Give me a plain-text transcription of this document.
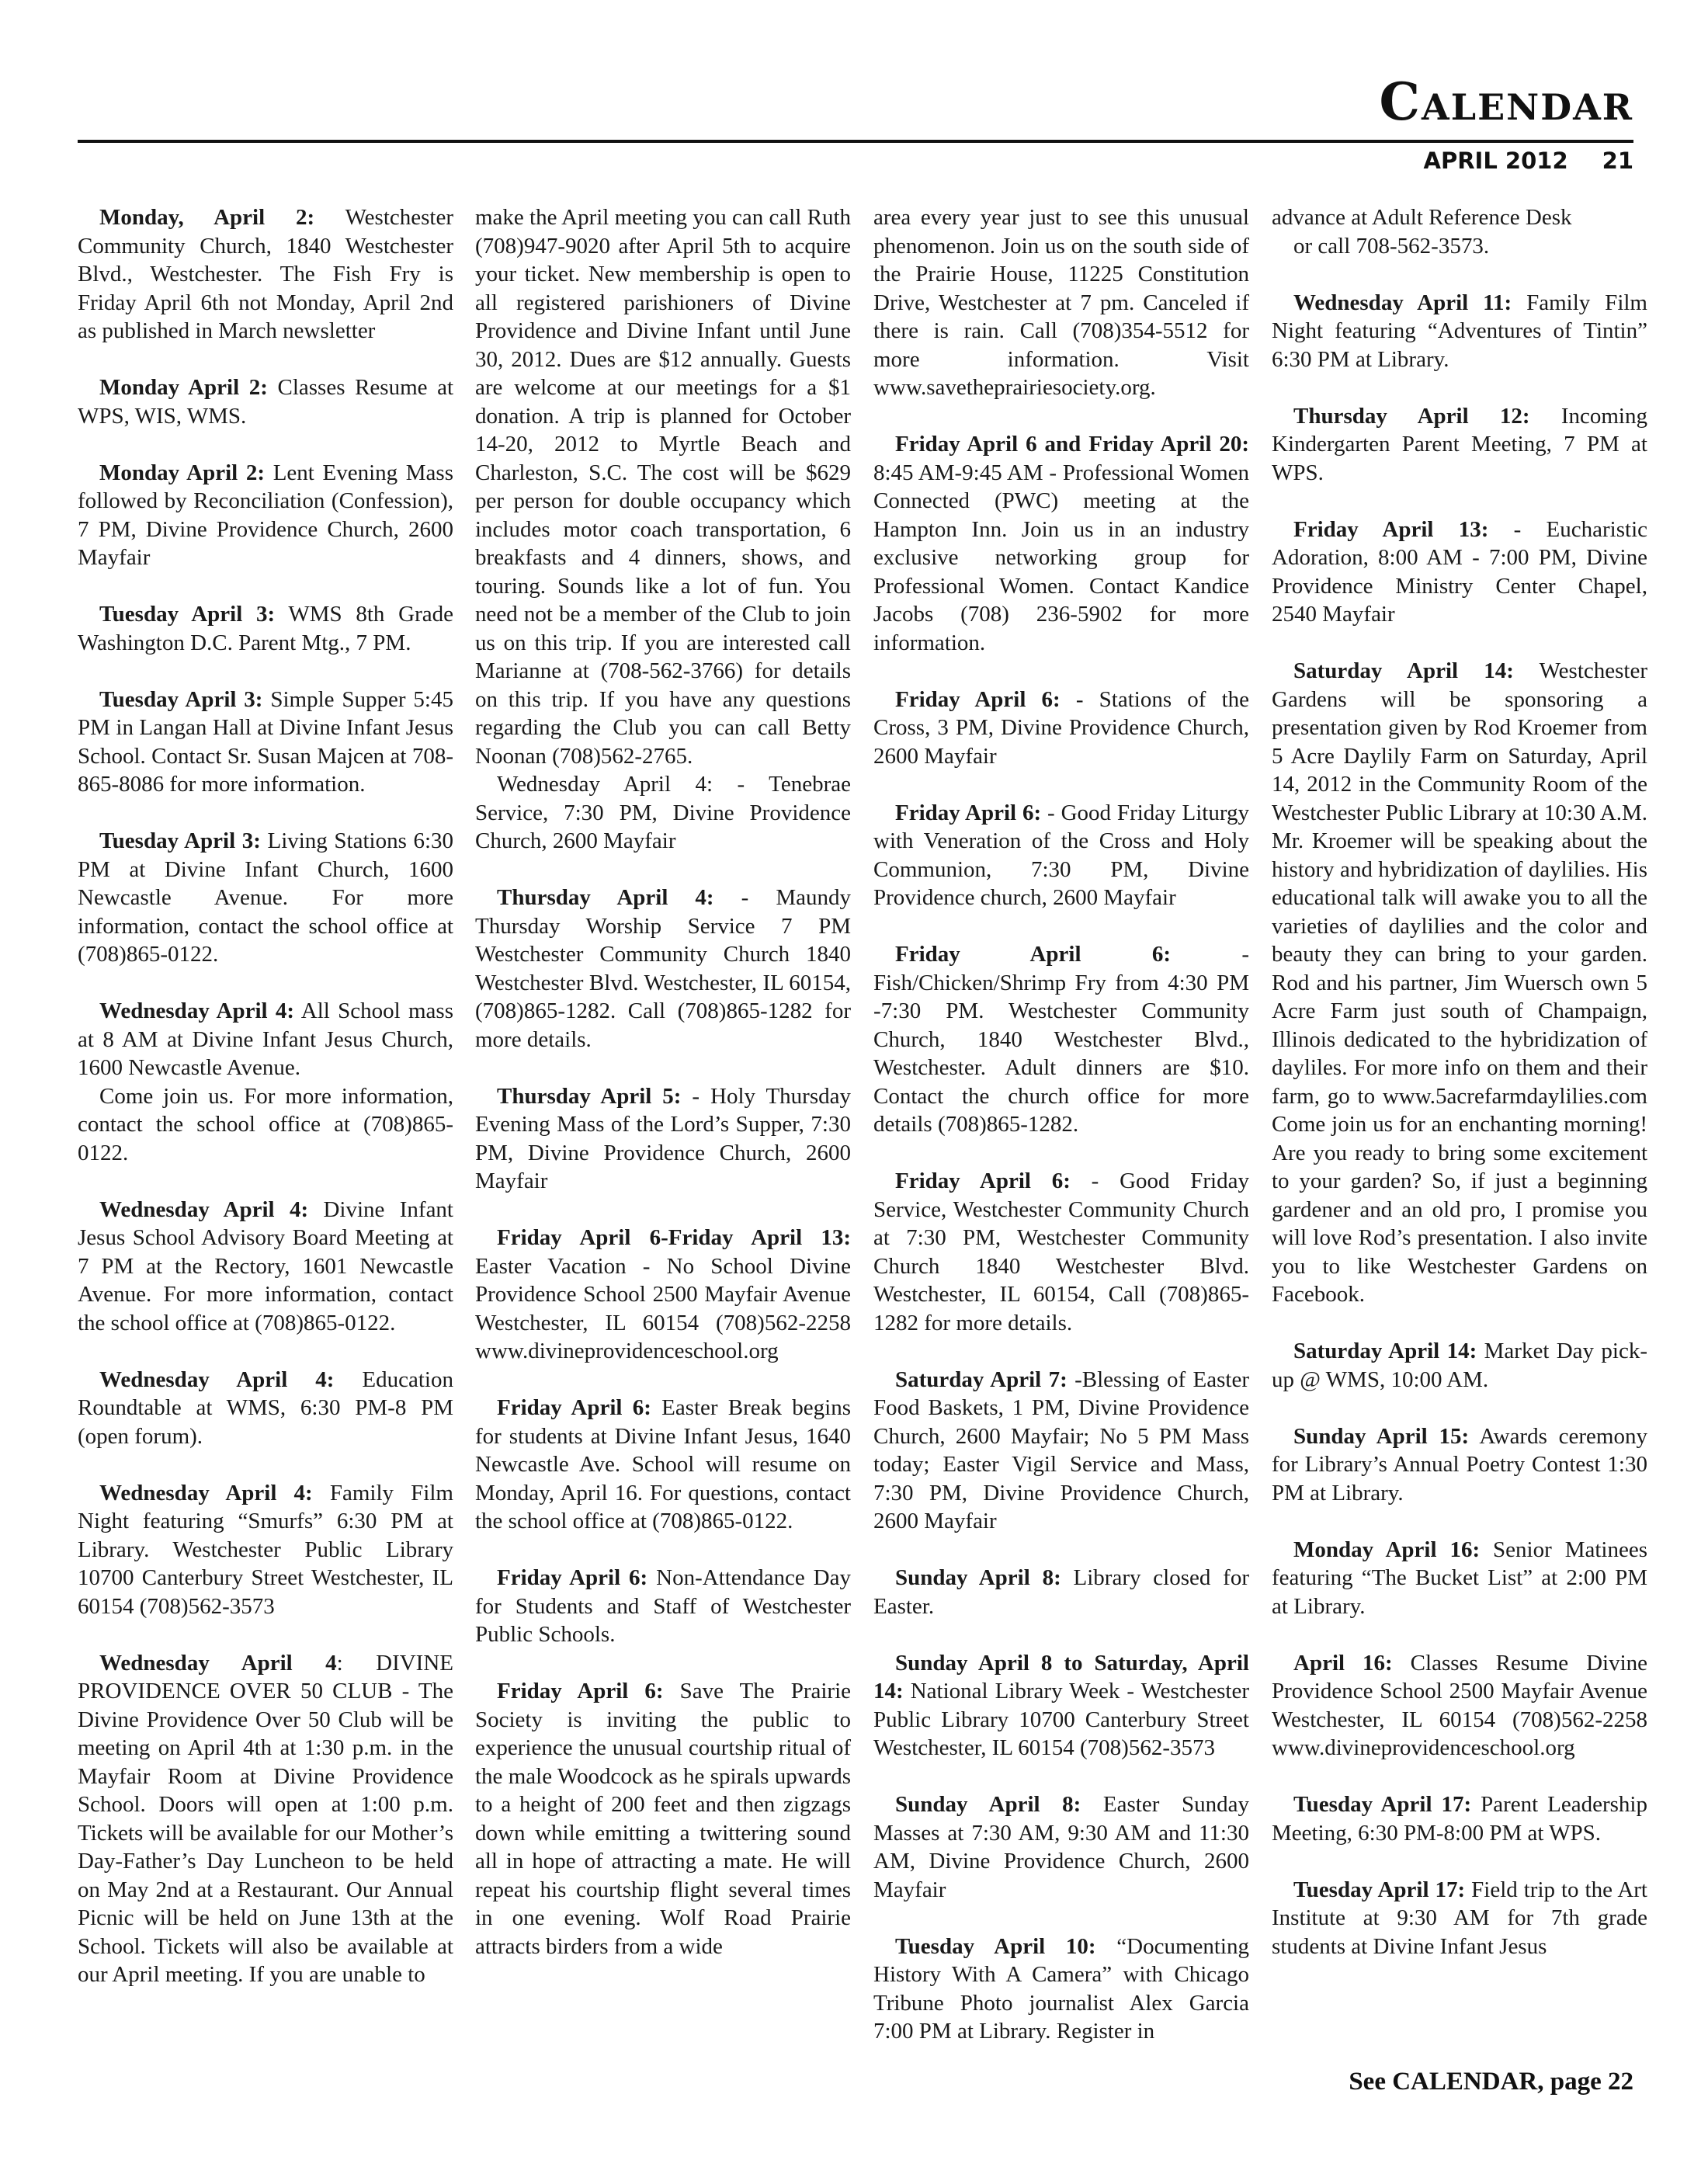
Calendar
APRIL 2012 21

Monday, April 2: Westchester Community Church, 1840 Westchester Blvd., Westchester. The Fish Fry is Friday April 6th not Monday, April 2nd as published in March newsletter

Monday April 2: Classes Resume at WPS, WIS, WMS.

Monday April 2: Lent Evening Mass followed by Reconciliation (Confession), 7 PM, Divine Providence Church, 2600 Mayfair

Tuesday April 3: WMS 8th Grade Washington D.C. Parent Mtg., 7 PM.

Tuesday April 3: Simple Supper 5:45 PM in Langan Hall at Divine Infant Jesus School. Contact Sr. Susan Majcen at 708-865-8086 for more information.

Tuesday April 3: Living Stations 6:30 PM at Divine Infant Church, 1600 Newcastle Avenue. For more information, contact the school office at (708)865-0122.

Wednesday April 4: All School mass at 8 AM at Divine Infant Jesus Church, 1600 Newcastle Avenue.

Come join us. For more information, contact the school office at (708)865-0122.

Wednesday April 4: Divine Infant Jesus School Advisory Board Meeting at 7 PM at the Rectory, 1601 Newcastle Avenue. For more information, contact the school office at (708)865-0122.

Wednesday April 4: Education Roundtable at WMS, 6:30 PM-8 PM (open forum).

Wednesday April 4: Family Film Night featuring “Smurfs” 6:30 PM at Library. Westchester Public Library 10700 Canterbury Street Westchester, IL 60154 (708)562-3573

Wednesday April 4: DIVINE PROVIDENCE OVER 50 CLUB - The Divine Providence Over 50 Club will be meeting on April 4th at 1:30 p.m. in the Mayfair Room at Divine Providence School. Doors will open at 1:00 p.m. Tickets will be available for our Mother’s Day-Father’s Day Luncheon to be held on May 2nd at a Restaurant. Our Annual Picnic will be held on June 13th at the School. Tickets will also be available at our April meeting. If you are unable to

make the April meeting you can call Ruth (708)947-9020 after April 5th to acquire your ticket. New membership is open to all registered parishioners of Divine Providence and Divine Infant until June 30, 2012. Dues are $12 annually. Guests are welcome at our meetings for a $1 donation. A trip is planned for October 14-20, 2012 to Myrtle Beach and Charleston, S.C. The cost will be $629 per person for double occupancy which includes motor coach transportation, 6 breakfasts and 4 dinners, shows, and touring. Sounds like a lot of fun. You need not be a member of the Club to join us on this trip. If you are interested call Marianne at (708-562-3766) for details on this trip. If you have any questions regarding the Club you can call Betty Noonan (708)562-2765.

Wednesday April 4: - Tenebrae Service, 7:30 PM, Divine Providence Church, 2600 Mayfair

Thursday April 4: - Maundy Thursday Worship Service 7 PM Westchester Community Church 1840 Westchester Blvd. Westchester, IL 60154, (708)865-1282. Call (708)865-1282 for more details.

Thursday April 5: - Holy Thursday Evening Mass of the Lord’s Supper, 7:30 PM, Divine Providence Church, 2600 Mayfair

Friday April 6-Friday April 13: Easter Vacation - No School Divine Providence School 2500 Mayfair Avenue Westchester, IL 60154 (708)562-2258 www.divineprovidenceschool.org

Friday April 6: Easter Break begins for students at Divine Infant Jesus, 1640 Newcastle Ave. School will resume on Monday, April 16. For questions, contact the school office at (708)865-0122.

Friday April 6: Non-Attendance Day for Students and Staff of Westchester Public Schools.

Friday April 6: Save The Prairie Society is inviting the public to experience the unusual courtship ritual of the male Woodcock as he spirals upwards to a height of 200 feet and then zigzags down while emitting a twittering sound all in hope of attracting a mate. He will repeat his courtship flight several times in one evening. Wolf Road Prairie attracts birders from a wide

area every year just to see this unusual phenomenon. Join us on the south side of the Prairie House, 11225 Constitution Drive, Westchester at 7 pm. Canceled if there is rain. Call (708)354-5512 for more information. Visit www.savetheprairiesociety.org.

Friday April 6 and Friday April 20: 8:45 AM-9:45 AM - Professional Women Connected (PWC) meeting at the Hampton Inn. Join us in an industry exclusive networking group for Professional Women. Contact Kandice Jacobs (708) 236-5902 for more information.

Friday April 6: - Stations of the Cross, 3 PM, Divine Providence Church, 2600 Mayfair

Friday April 6: - Good Friday Liturgy with Veneration of the Cross and Holy Communion, 7:30 PM, Divine Providence church, 2600 Mayfair

Friday April 6: - Fish/Chicken/Shrimp Fry from 4:30 PM -7:30 PM. Westchester Community Church, 1840 Westchester Blvd., Westchester. Adult dinners are $10. Contact the church office for more details (708)865-1282.

Friday April 6: - Good Friday Service, Westchester Community Church at 7:30 PM, Westchester Community Church 1840 Westchester Blvd. Westchester, IL 60154, Call (708)865-1282 for more details.

Saturday April 7: -Blessing of Easter Food Baskets, 1 PM, Divine Providence Church, 2600 Mayfair; No 5 PM Mass today; Easter Vigil Service and Mass, 7:30 PM, Divine Providence Church, 2600 Mayfair

Sunday April 8: Library closed for Easter.

Sunday April 8 to Saturday, April 14: National Library Week - Westchester Public Library 10700 Canterbury Street Westchester, IL 60154 (708)562-3573

Sunday April 8: Easter Sunday Masses at 7:30 AM, 9:30 AM and 11:30 AM, Divine Providence Church, 2600 Mayfair

Tuesday April 10: “Documenting History With A Camera” with Chicago Tribune Photo journalist Alex Garcia 7:00 PM at Library. Register in

advance at Adult Reference Desk

or call 708-562-3573.

Wednesday April 11: Family Film Night featuring “Adventures of Tintin” 6:30 PM at Library.

Thursday April 12: Incoming Kindergarten Parent Meeting, 7 PM at WPS.

Friday April 13: - Eucharistic Adoration, 8:00 AM - 7:00 PM, Divine Providence Ministry Center Chapel, 2540 Mayfair

Saturday April 14: Westchester Gardens will be sponsoring a presentation given by Rod Kroemer from 5 Acre Daylily Farm on Saturday, April 14, 2012 in the Community Room of the Westchester Public Library at 10:30 A.M. Mr. Kroemer will be speaking about the history and hybridization of daylilies. His educational talk will awake you to all the varieties of daylilies and the color and beauty they can bring to your garden. Rod and his partner, Jim Wuersch own 5 Acre Farm just south of Champaign, Illinois dedicated to the hybridization of dayliles. For more info on them and their farm, go to www.5acrefarmdaylilies.com Come join us for an enchanting morning! Are you ready to bring some excitement to your garden? So, if just a beginning gardener and an old pro, I promise you will love Rod’s presentation. I also invite you to like Westchester Gardens on Facebook.

Saturday April 14: Market Day pick-up @ WMS, 10:00 AM.

Sunday April 15: Awards ceremony for Library’s Annual Poetry Contest 1:30 PM at Library.

Monday April 16: Senior Matinees featuring “The Bucket List” at 2:00 PM at Library.

April 16: Classes Resume Divine Providence School 2500 Mayfair Avenue Westchester, IL 60154 (708)562-2258 www.divineprovidenceschool.org

Tuesday April 17: Parent Leadership Meeting, 6:30 PM-8:00 PM at WPS.

Tuesday April 17: Field trip to the Art Institute at 9:30 AM for 7th grade students at Divine Infant Jesus

See CALENDAR, page 22
